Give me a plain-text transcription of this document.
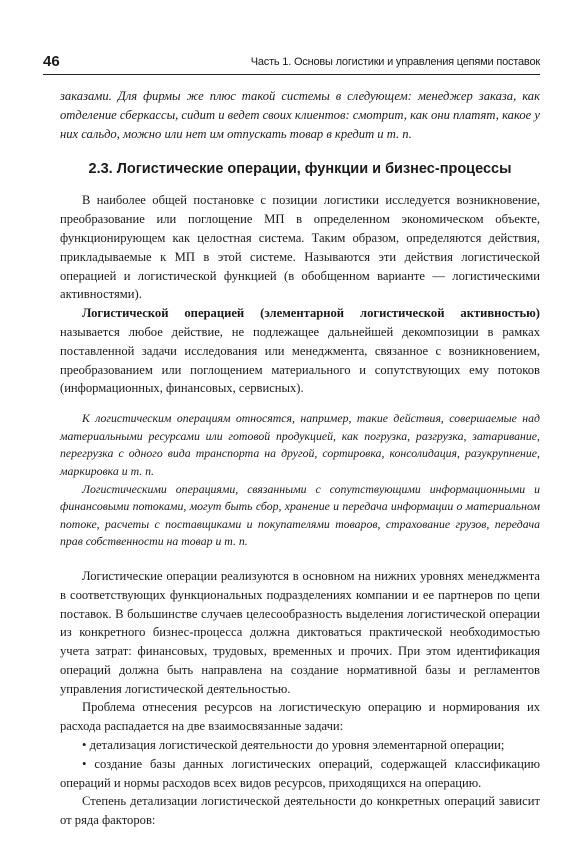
46	Часть 1. Основы логистики и управления цепями поставок

заказами. Для фирмы же плюс такой системы в следующем: менеджер заказа, как отделение сберкассы, сидит и ведет своих клиентов: смотрит, как они платят, какое у них сальдо, можно или нет им отпускать товар в кредит и т. п.

2.3. Логистические операции, функции и бизнес-процессы

В наиболее общей постановке с позиции логистики исследуется возникновение, преобразование или поглощение МП в определенном экономическом объекте, функционирующем как целостная система. Таким образом, определяются действия, прикладываемые к МП в этой системе. Называются эти действия логистической операцией и логистической функцией (в обобщенном варианте — логистическими активностями).

Логистической операцией (элементарной логистической активностью) называется любое действие, не подлежащее дальнейшей декомпозиции в рамках поставленной задачи исследования или менеджмента, связанное с возникновением, преобразованием или поглощением материального и сопутствующих ему потоков (информационных, финансовых, сервисных).

К логистическим операциям относятся, например, такие действия, совершаемые над материальными ресурсами или готовой продукцией, как погрузка, разгрузка, затаривание, перегрузка с одного вида транспорта на другой, сортировка, консолидация, разукрупнение, маркировка и т. п.

Логистическими операциями, связанными с сопутствующими информационными и финансовыми потоками, могут быть сбор, хранение и передача информации о материальном потоке, расчеты с поставщиками и покупателями товаров, страхование грузов, передача прав собственности на товар и т. п.

Логистические операции реализуются в основном на нижних уровнях менеджмента в соответствующих функциональных подразделениях компании и ее партнеров по цепи поставок. В большинстве случаев целесообразность выделения логистической операции из конкретного бизнес-процесса должна диктоваться практической необходимостью учета затрат: финансовых, трудовых, временных и прочих. При этом идентификация операций должна быть направлена на создание нормативной базы и регламентов управления логистической деятельностью.

Проблема отнесения ресурсов на логистическую операцию и нормирования их расхода распадается на две взаимосвязанные задачи:

• детализация логистической деятельности до уровня элементарной операции;

• создание базы данных логистических операций, содержащей классификацию операций и нормы расходов всех видов ресурсов, приходящихся на операцию.

Степень детализации логистической деятельности до конкретных операций зависит от ряда факторов:
